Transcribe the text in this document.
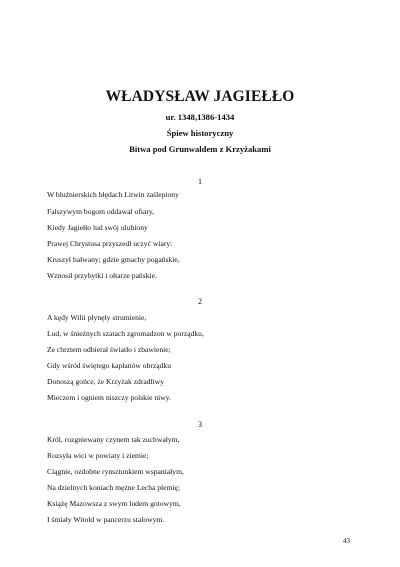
WŁADYSŁAW JAGIEŁŁO
ur. 1348,1386-1434
Śpiew historyczny
Bitwa pod Grunwaldem z Krzyżakami
1
W bluźnierskich błędach Litwin zaślepiony
Fałszywym bogom oddawał ofiary,
Kiedy Jagiełło lud swój ulubiony
Prawej Chrystusa przyszedł uczyć wiary:
Kruszył bałwany; gdzie gmachy pogańskie,
Wznosił przybytki i ołtarze pańskie.
2
A kędy Wilii płynęły strumienie,
Lud, w śnieżnych szatach zgromadzon w porządku,
Ze chrztem odbierał światło i zbawienie;
Gdy wśród świętego kapłanów obrządku
Donoszą gońce, że Krzyżak zdradliwy
Mieczem i ogniem niszczy polskie niwy.
3
Król, rozgniewany czynem tak zuchwałym,
Rozsyła wici w powiaty i ziemie;
Ciągnie, ozdobne rynsztunkiem wspaniałym,
Na dzielnych koniach mężne Lecha plemię;
Książę Mazowsza z swym ludem gotowym,
I śmiały Witold w pancerzu stalowym.
43
